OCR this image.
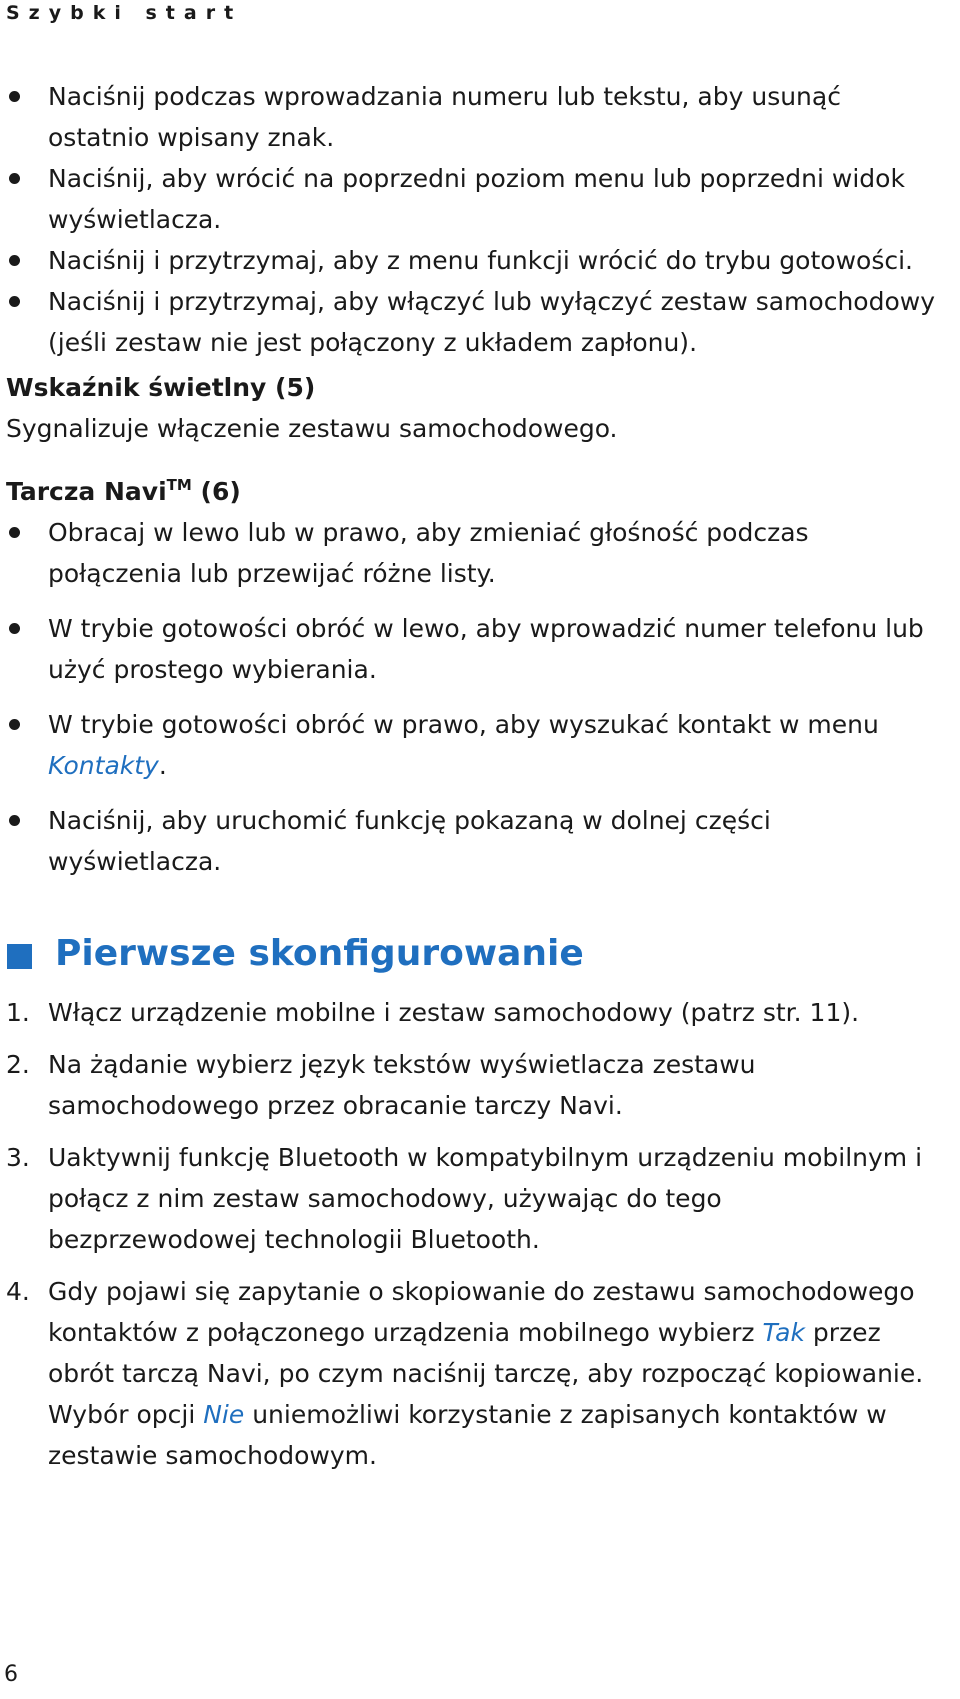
Szybki start
Naciśnij podczas wprowadzania numeru lub tekstu, aby usunąć ostatnio wpisany znak.
Naciśnij, aby wrócić na poprzedni poziom menu lub poprzedni widok wyświetlacza.
Naciśnij i przytrzymaj, aby z menu funkcji wrócić do trybu gotowości.
Naciśnij i przytrzymaj, aby włączyć lub wyłączyć zestaw samochodowy (jeśli zestaw nie jest połączony z układem zapłonu).

Wskaźnik świetlny (5)

Sygnalizuje włączenie zestawu samochodowego.

Tarcza Navi™ (6)

Obracaj w lewo lub w prawo, aby zmieniać głośność podczas połączenia lub przewijać różne listy.
W trybie gotowości obróć w lewo, aby wprowadzić numer telefonu lub użyć prostego wybierania.
W trybie gotowości obróć w prawo, aby wyszukać kontakt w menu Kontakty.
Naciśnij, aby uruchomić funkcję pokazaną w dolnej części wyświetlacza.
Pierwsze skonfigurowanie
1. Włącz urządzenie mobilne i zestaw samochodowy (patrz str. 11).
2. Na żądanie wybierz język tekstów wyświetlacza zestawu samochodowego przez obracanie tarczy Navi.
3. Uaktywnij funkcję Bluetooth w kompatybilnym urządzeniu mobilnym i połącz z nim zestaw samochodowy, używając do tego bezprzewodowej technologii Bluetooth.
4. Gdy pojawi się zapytanie o skopiowanie do zestawu samochodowego kontaktów z połączonego urządzenia mobilnego wybierz Tak przez obrót tarczą Navi, po czym naciśnij tarczę, aby rozpocząć kopiowanie. Wybór opcji Nie uniemożliwi korzystanie z zapisanych kontaktów w zestawie samochodowym.
6
